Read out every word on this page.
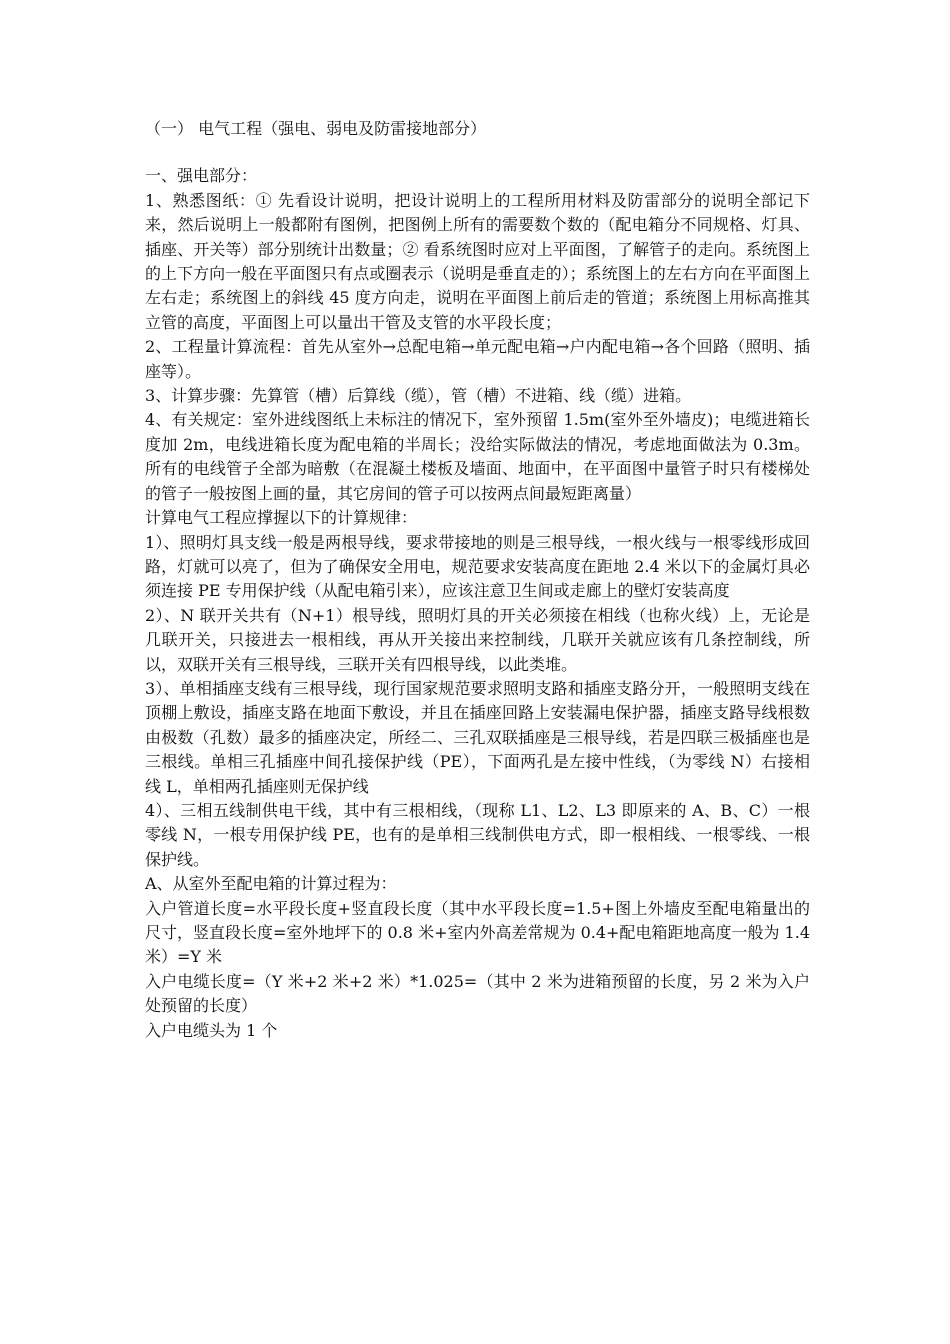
（一） 电气工程（强电、弱电及防雷接地部分）

一、强电部分：

1、熟悉图纸：① 先看设计说明，把设计说明上的工程所用材料及防雷部分的说明全部记下来，然后说明上一般都附有图例，把图例上所有的需要数个数的（配电箱分不同规格、灯具、插座、开关等）部分别统计出数量；② 看系统图时应对上平面图，了解管子的走向。系统图上的上下方向一般在平面图只有点或圈表示（说明是垂直走的）；系统图上的左右方向在平面图上左右走；系统图上的斜线 45 度方向走，说明在平面图上前后走的管道；系统图上用标高推其立管的高度，平面图上可以量出干管及支管的水平段长度；

2、工程量计算流程：首先从室外→总配电箱→单元配电箱→户内配电箱→各个回路（照明、插座等）。

3、计算步骤：先算管（槽）后算线（缆），管（槽）不进箱、线（缆）进箱。

4、有关规定：室外进线图纸上未标注的情况下，室外预留 1.5m(室外至外墙皮)；电缆进箱长度加 2m，电线进箱长度为配电箱的半周长；没给实际做法的情况，考虑地面做法为 0.3m。所有的电线管子全部为暗敷（在混凝土楼板及墙面、地面中，在平面图中量管子时只有楼梯处的管子一般按图上画的量，其它房间的管子可以按两点间最短距离量）

计算电气工程应撑握以下的计算规律：

1）、照明灯具支线一般是两根导线，要求带接地的则是三根导线，一根火线与一根零线形成回路，灯就可以亮了，但为了确保安全用电，规范要求安装高度在距地 2.4 米以下的金属灯具必须连接 PE 专用保护线（从配电箱引来），应该注意卫生间或走廊上的壁灯安装高度

2）、N 联开关共有（N+1）根导线，照明灯具的开关必须接在相线（也称火线）上，无论是几联开关，只接进去一根相线，再从开关接出来控制线，几联开关就应该有几条控制线，所以，双联开关有三根导线，三联开关有四根导线，以此类堆。

3）、单相插座支线有三根导线，现行国家规范要求照明支路和插座支路分开，一般照明支线在顶棚上敷设，插座支路在地面下敷设，并且在插座回路上安装漏电保护器，插座支路导线根数由极数（孔数）最多的插座决定，所经二、三孔双联插座是三根导线，若是四联三极插座也是三根线。单相三孔插座中间孔接保护线（PE），下面两孔是左接中性线，（为零线 N）右接相线 L，单相两孔插座则无保护线

4）、三相五线制供电干线，其中有三根相线，（现称 L1、L2、L3 即原来的 A、B、C）一根零线 N，一根专用保护线 PE，也有的是单相三线制供电方式，即一根相线、一根零线、一根保护线。

A、从室外至配电箱的计算过程为：

入户管道长度=水平段长度+竖直段长度（其中水平段长度=1.5+图上外墙皮至配电箱量出的尺寸，竖直段长度=室外地坪下的 0.8 米+室内外高差常规为 0.4+配电箱距地高度一般为 1.4 米）=Y 米

入户电缆长度=（Y 米+2 米+2 米）*1.025=（其中 2 米为进箱预留的长度，另 2 米为入户处预留的长度）

入户电缆头为 1 个
